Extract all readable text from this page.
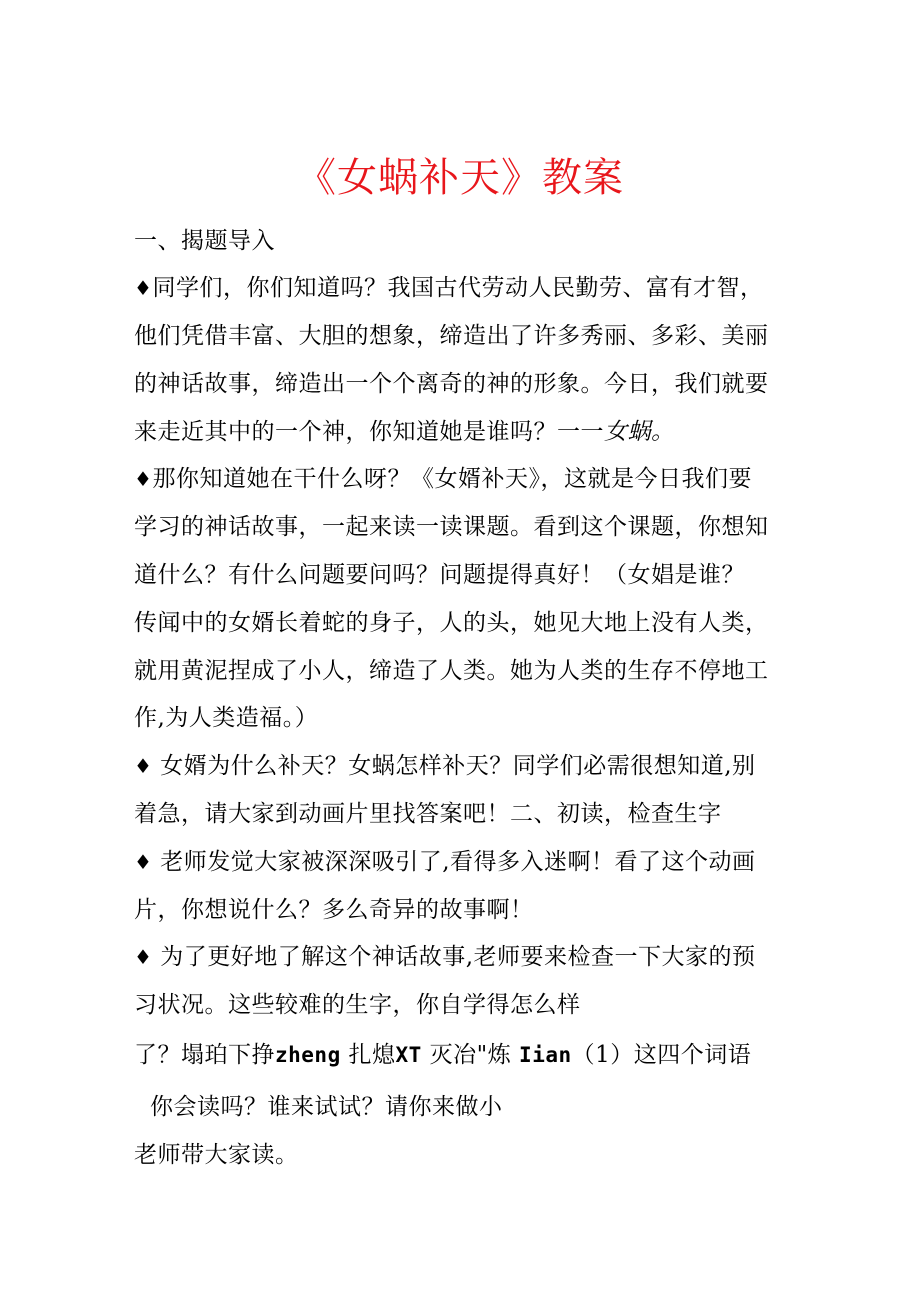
《女蜗补天》教案
一、揭题导入
♦同学们，你们知道吗？我国古代劳动人民勤劳、富有才智，
他们凭借丰富、大胆的想象，缔造出了许多秀丽、多彩、美丽
的神话故事，缔造出一个个离奇的神的形象。今日，我们就要
来走近其中的一个神，你知道她是谁吗？一一女蜗。
♦那你知道她在干什么呀？《女婿补天》，这就是今日我们要
学习的神话故事，一起来读一读课题。看到这个课题，你想知
道什么？有什么问题要问吗？问题提得真好！（女娼是谁？
传闻中的女婿长着蛇的身子，人的头，她见大地上没有人类，
就用黄泥捏成了小人，缔造了人类。她为人类的生存不停地工
作,为人类造福。）
♦ 女婿为什么补天？女蜗怎样补天？同学们必需很想知道,别
着急，请大家到动画片里找答案吧！二、初读，检查生字
♦ 老师发觉大家被深深吸引了,看得多入迷啊！看了这个动画
片，你想说什么？多么奇异的故事啊！
♦ 为了更好地了解这个神话故事,老师要来检查一下大家的预
习状况。这些较难的生字，你自学得怎么样
了？塌珀下挣zheng 扎熄XT 灭冶"炼 Iian（1）这四个词语
你会读吗？谁来试试？请你来做小
老师带大家读。
